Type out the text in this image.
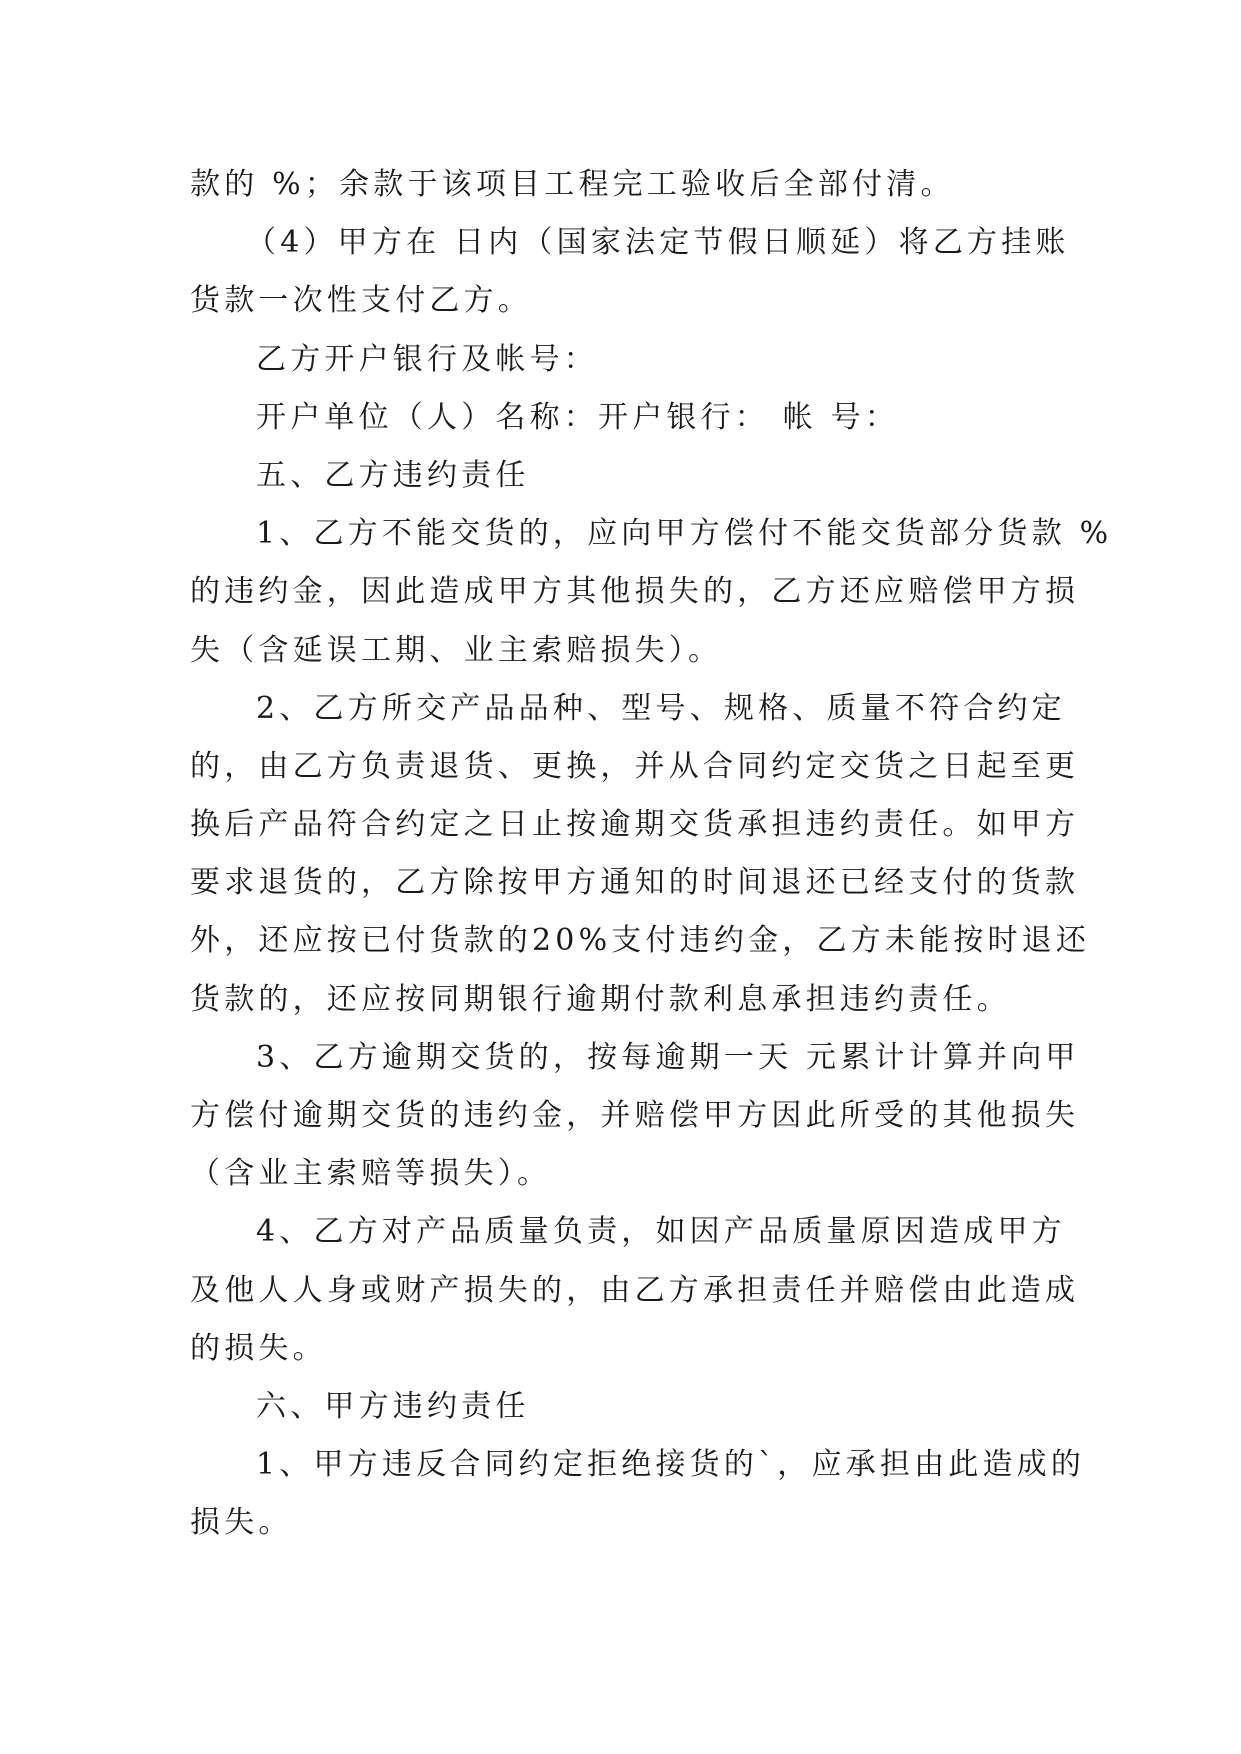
款的 %；余款于该项目工程完工验收后全部付清。
（4）甲方在 日内（国家法定节假日顺延）将乙方挂账
货款一次性支付乙方。
乙方开户银行及帐号：
开户单位（人）名称：开户银行： 帐 号：
五、乙方违约责任
1、乙方不能交货的，应向甲方偿付不能交货部分货款 %
的违约金，因此造成甲方其他损失的，乙方还应赔偿甲方损
失（含延误工期、业主索赔损失）。
2、乙方所交产品品种、型号、规格、质量不符合约定
的，由乙方负责退货、更换，并从合同约定交货之日起至更
换后产品符合约定之日止按逾期交货承担违约责任。如甲方
要求退货的，乙方除按甲方通知的时间退还已经支付的货款
外，还应按已付货款的20%支付违约金，乙方未能按时退还
货款的，还应按同期银行逾期付款利息承担违约责任。
3、乙方逾期交货的，按每逾期一天 元累计计算并向甲
方偿付逾期交货的违约金，并赔偿甲方因此所受的其他损失
（含业主索赔等损失）。
4、乙方对产品质量负责，如因产品质量原因造成甲方
及他人人身或财产损失的，由乙方承担责任并赔偿由此造成
的损失。
六、甲方违约责任
1、甲方违反合同约定拒绝接货的`，应承担由此造成的
损失。
